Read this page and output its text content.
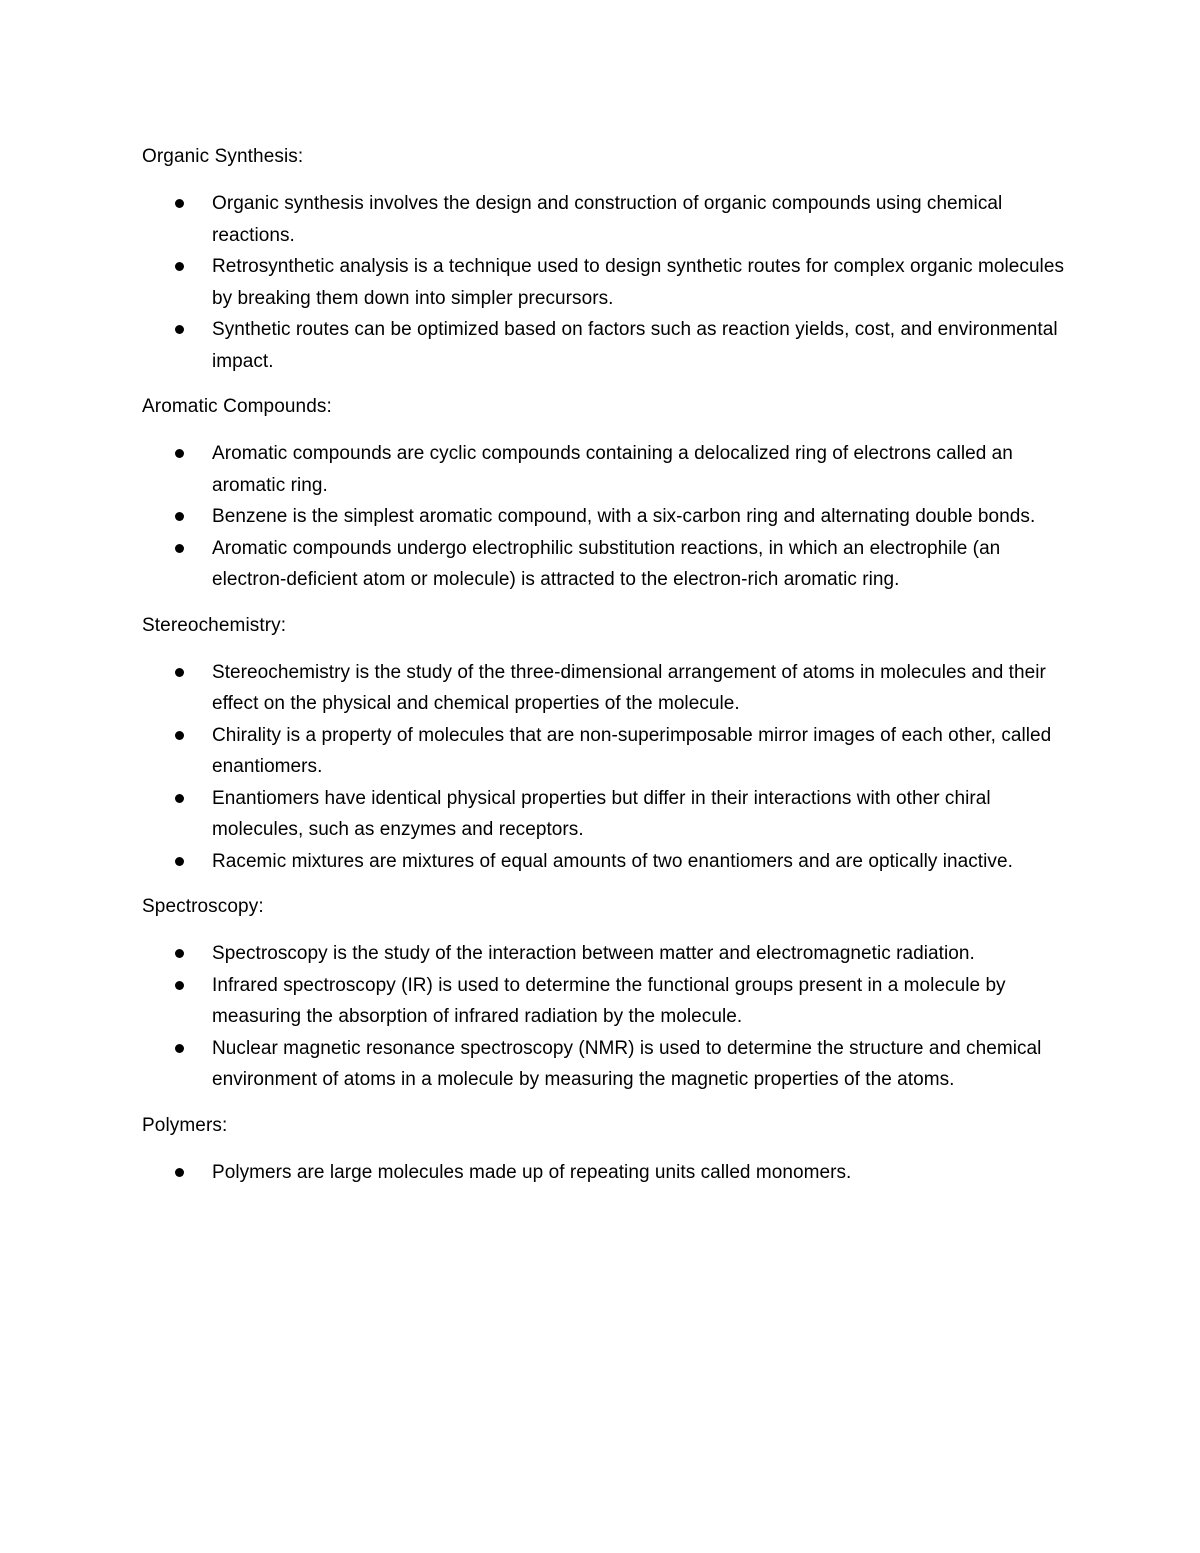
Organic Synthesis:
Organic synthesis involves the design and construction of organic compounds using chemical reactions.
Retrosynthetic analysis is a technique used to design synthetic routes for complex organic molecules by breaking them down into simpler precursors.
Synthetic routes can be optimized based on factors such as reaction yields, cost, and environmental impact.
Aromatic Compounds:
Aromatic compounds are cyclic compounds containing a delocalized ring of electrons called an aromatic ring.
Benzene is the simplest aromatic compound, with a six-carbon ring and alternating double bonds.
Aromatic compounds undergo electrophilic substitution reactions, in which an electrophile (an electron-deficient atom or molecule) is attracted to the electron-rich aromatic ring.
Stereochemistry:
Stereochemistry is the study of the three-dimensional arrangement of atoms in molecules and their effect on the physical and chemical properties of the molecule.
Chirality is a property of molecules that are non-superimposable mirror images of each other, called enantiomers.
Enantiomers have identical physical properties but differ in their interactions with other chiral molecules, such as enzymes and receptors.
Racemic mixtures are mixtures of equal amounts of two enantiomers and are optically inactive.
Spectroscopy:
Spectroscopy is the study of the interaction between matter and electromagnetic radiation.
Infrared spectroscopy (IR) is used to determine the functional groups present in a molecule by measuring the absorption of infrared radiation by the molecule.
Nuclear magnetic resonance spectroscopy (NMR) is used to determine the structure and chemical environment of atoms in a molecule by measuring the magnetic properties of the atoms.
Polymers:
Polymers are large molecules made up of repeating units called monomers.
